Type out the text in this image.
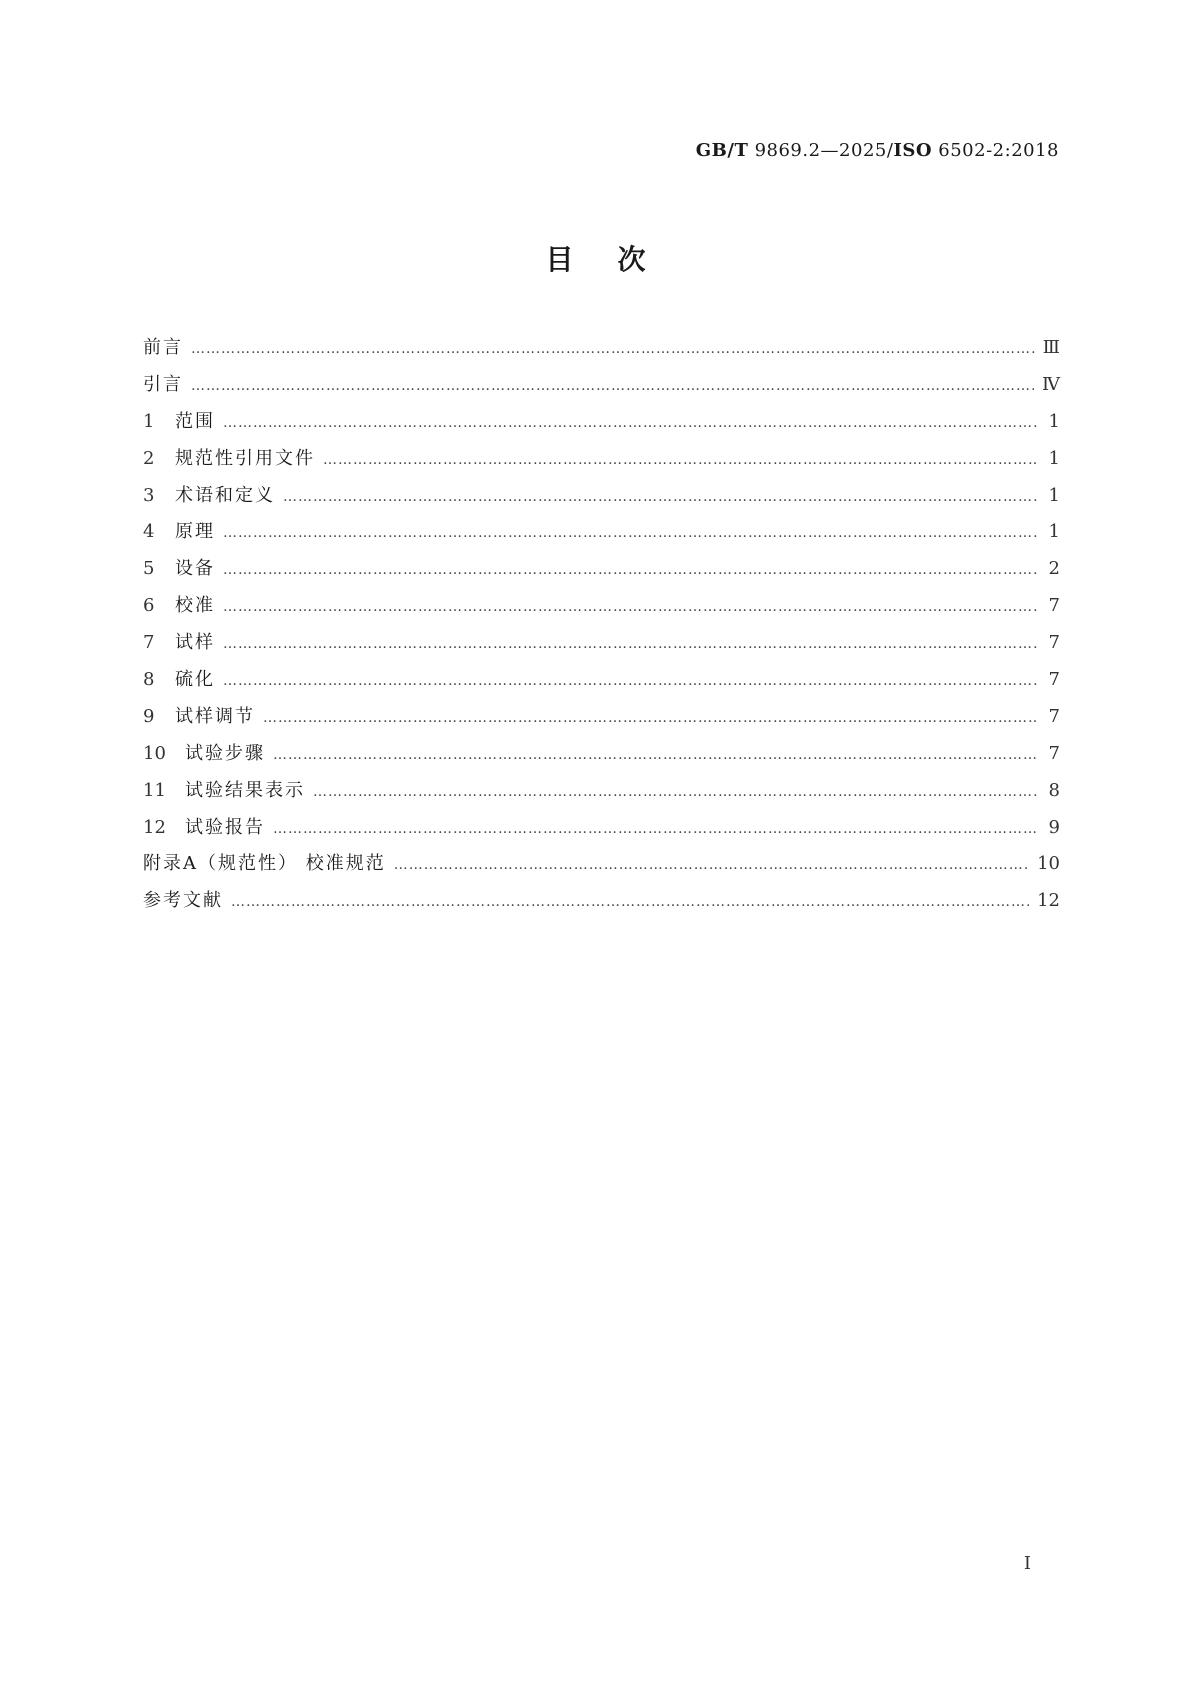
GB/T 9869.2—2025/ISO 6502-2:2018
目次
前言 …………………………………………………………………………………………………………………………………………………………………………	Ⅲ
引言 …………………………………………………………………………………………………………………………………………………………………………	Ⅳ
1	范围 …………………………………………………………………………………………………………………………………………………………………………	1
2	规范性引用文件 …………………………………………………………………………………………………………………………………………………………………………	1
3	术语和定义 …………………………………………………………………………………………………………………………………………………………………………	1
4	原理 …………………………………………………………………………………………………………………………………………………………………………	1
5	设备 …………………………………………………………………………………………………………………………………………………………………………	2
6	校准 …………………………………………………………………………………………………………………………………………………………………………	7
7	试样 …………………………………………………………………………………………………………………………………………………………………………	7
8	硫化 …………………………………………………………………………………………………………………………………………………………………………	7
9	试样调节 …………………………………………………………………………………………………………………………………………………………………………	7
10	试验步骤 …………………………………………………………………………………………………………………………………………………………………………	7
11	试验结果表示 …………………………………………………………………………………………………………………………………………………………………………	8
12	试验报告 …………………………………………………………………………………………………………………………………………………………………………	9
附录A（规范性） 校准规范 …………………………………………………………………………………………………………………………………………………………………………	10
参考文献 …………………………………………………………………………………………………………………………………………………………………………	12
Ⅰ
